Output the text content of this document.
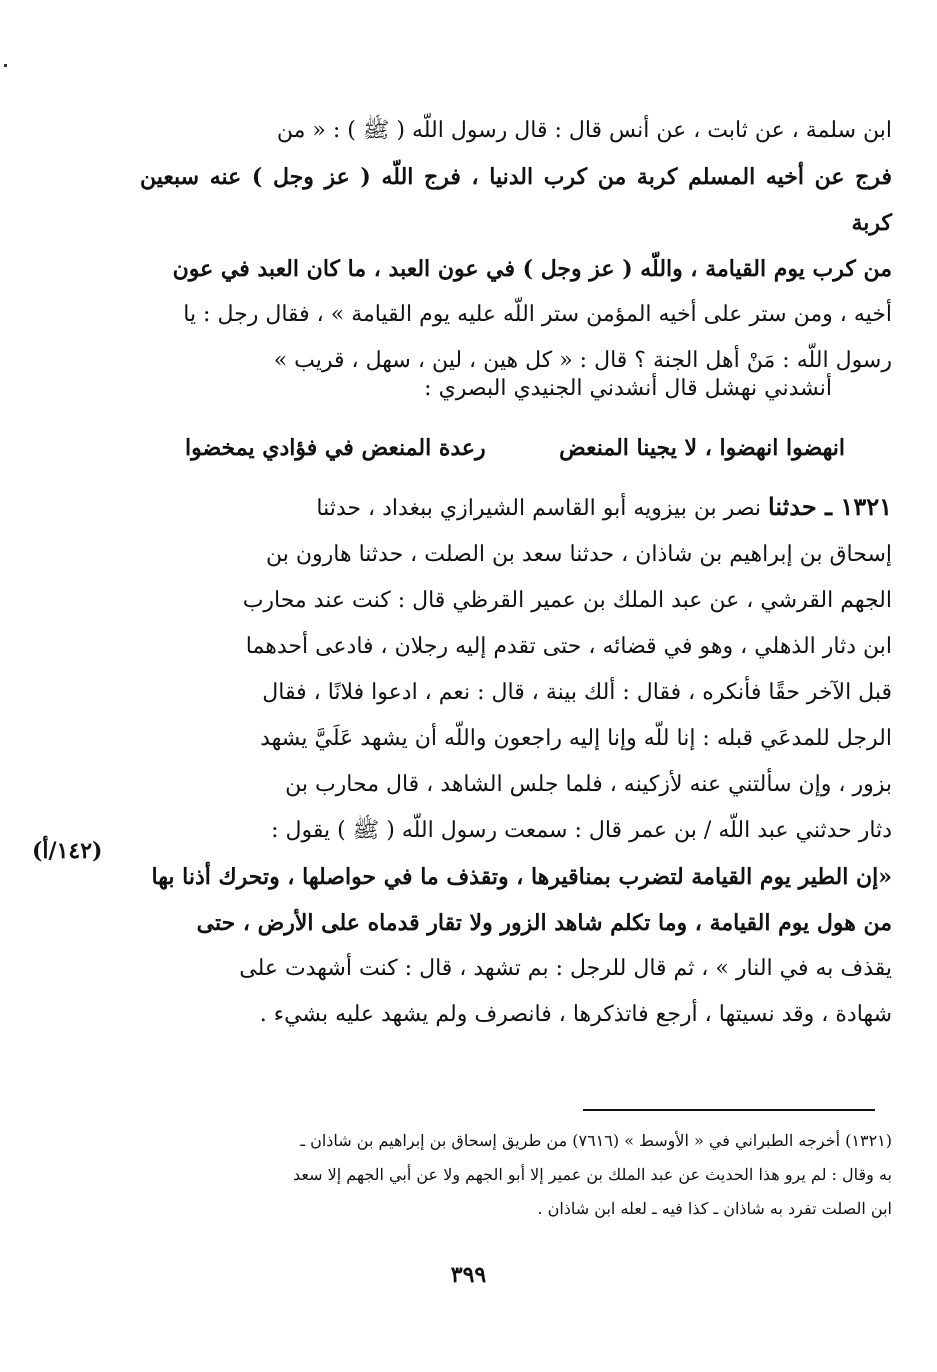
ابن سلمة ، عن ثابت ، عن أنس قال : قال رسول اللّه ( ﷺ ) : « من

فرج عن أخيه المسلم كربة من كرب الدنيا ، فرج اللّه ( عز وجل ) عنه سبعين كربة

من كرب يوم القيامة ، واللّه ( عز وجل ) في عون العبد ، ما كان العبد في عون

أخيه ، ومن ستر على أخيه المؤمن ستر اللّه عليه يوم القيامة » ، فقال رجل : يا

رسول اللّه : مَنْ أهل الجنة ؟ قال : « كل هين ، لين ، سهل ، قريب »

أنشدني نهشل قال أنشدني الجنيدي البصري :
انهضوا انهضوا ، لا يجينا المنعض
رعدة المنعض في فؤادي يمخضوا

١٣٢١ ـ حدثنا نصر بن بيزويه أبو القاسم الشيرازي ببغداد ، حدثنا

إسحاق بن إبراهيم بن شاذان ، حدثنا سعد بن الصلت ، حدثنا هارون بن

الجهم القرشي ، عن عبد الملك بن عمير القرظي قال : كنت عند محارب

ابن دثار الذهلي ، وهو في قضائه ، حتى تقدم إليه رجلان ، فادعى أحدهما

قبل الآخر حقًا فأنكره ، فقال : ألك بينة ، قال : نعم ، ادعوا فلانًا ، فقال

الرجل للمدعَي قبله : إنا للّه وإنا إليه راجعون واللّه أن يشهد عَلَيَّ يشهد

بزور ، وإن سألتني عنه لأزكينه ، فلما جلس الشاهد ، قال محارب بن

دثار حدثني عبد اللّه / بن عمر قال : سمعت رسول اللّه ( ﷺ ) يقول :

«إن الطير يوم القيامة لتضرب بمناقيرها ، وتقذف ما في حواصلها ، وتحرك أذنا بها

من هول يوم القيامة ، وما تكلم شاهد الزور ولا تقار قدماه على الأرض ، حتى

يقذف به في النار » ، ثم قال للرجل : بم تشهد ، قال : كنت أشهدت على

شهادة ، وقد نسيتها ، أرجع فاتذكرها ، فانصرف ولم يشهد عليه بشيء .

(١٤٢/أ)

(١٣٢١) أخرجه الطبراني في « الأوسط » (٧٦١٦) من طريق إسحاق بن إبراهيم بن شاذان ـ

به وقال : لم يرو هذا الحديث عن عبد الملك بن عمير إلا أبو الجهم ولا عن أبي الجهم إلا سعد

ابن الصلت تفرد به شاذان ـ كذا فيه ـ لعله ابن شاذان .

٣٩٩
